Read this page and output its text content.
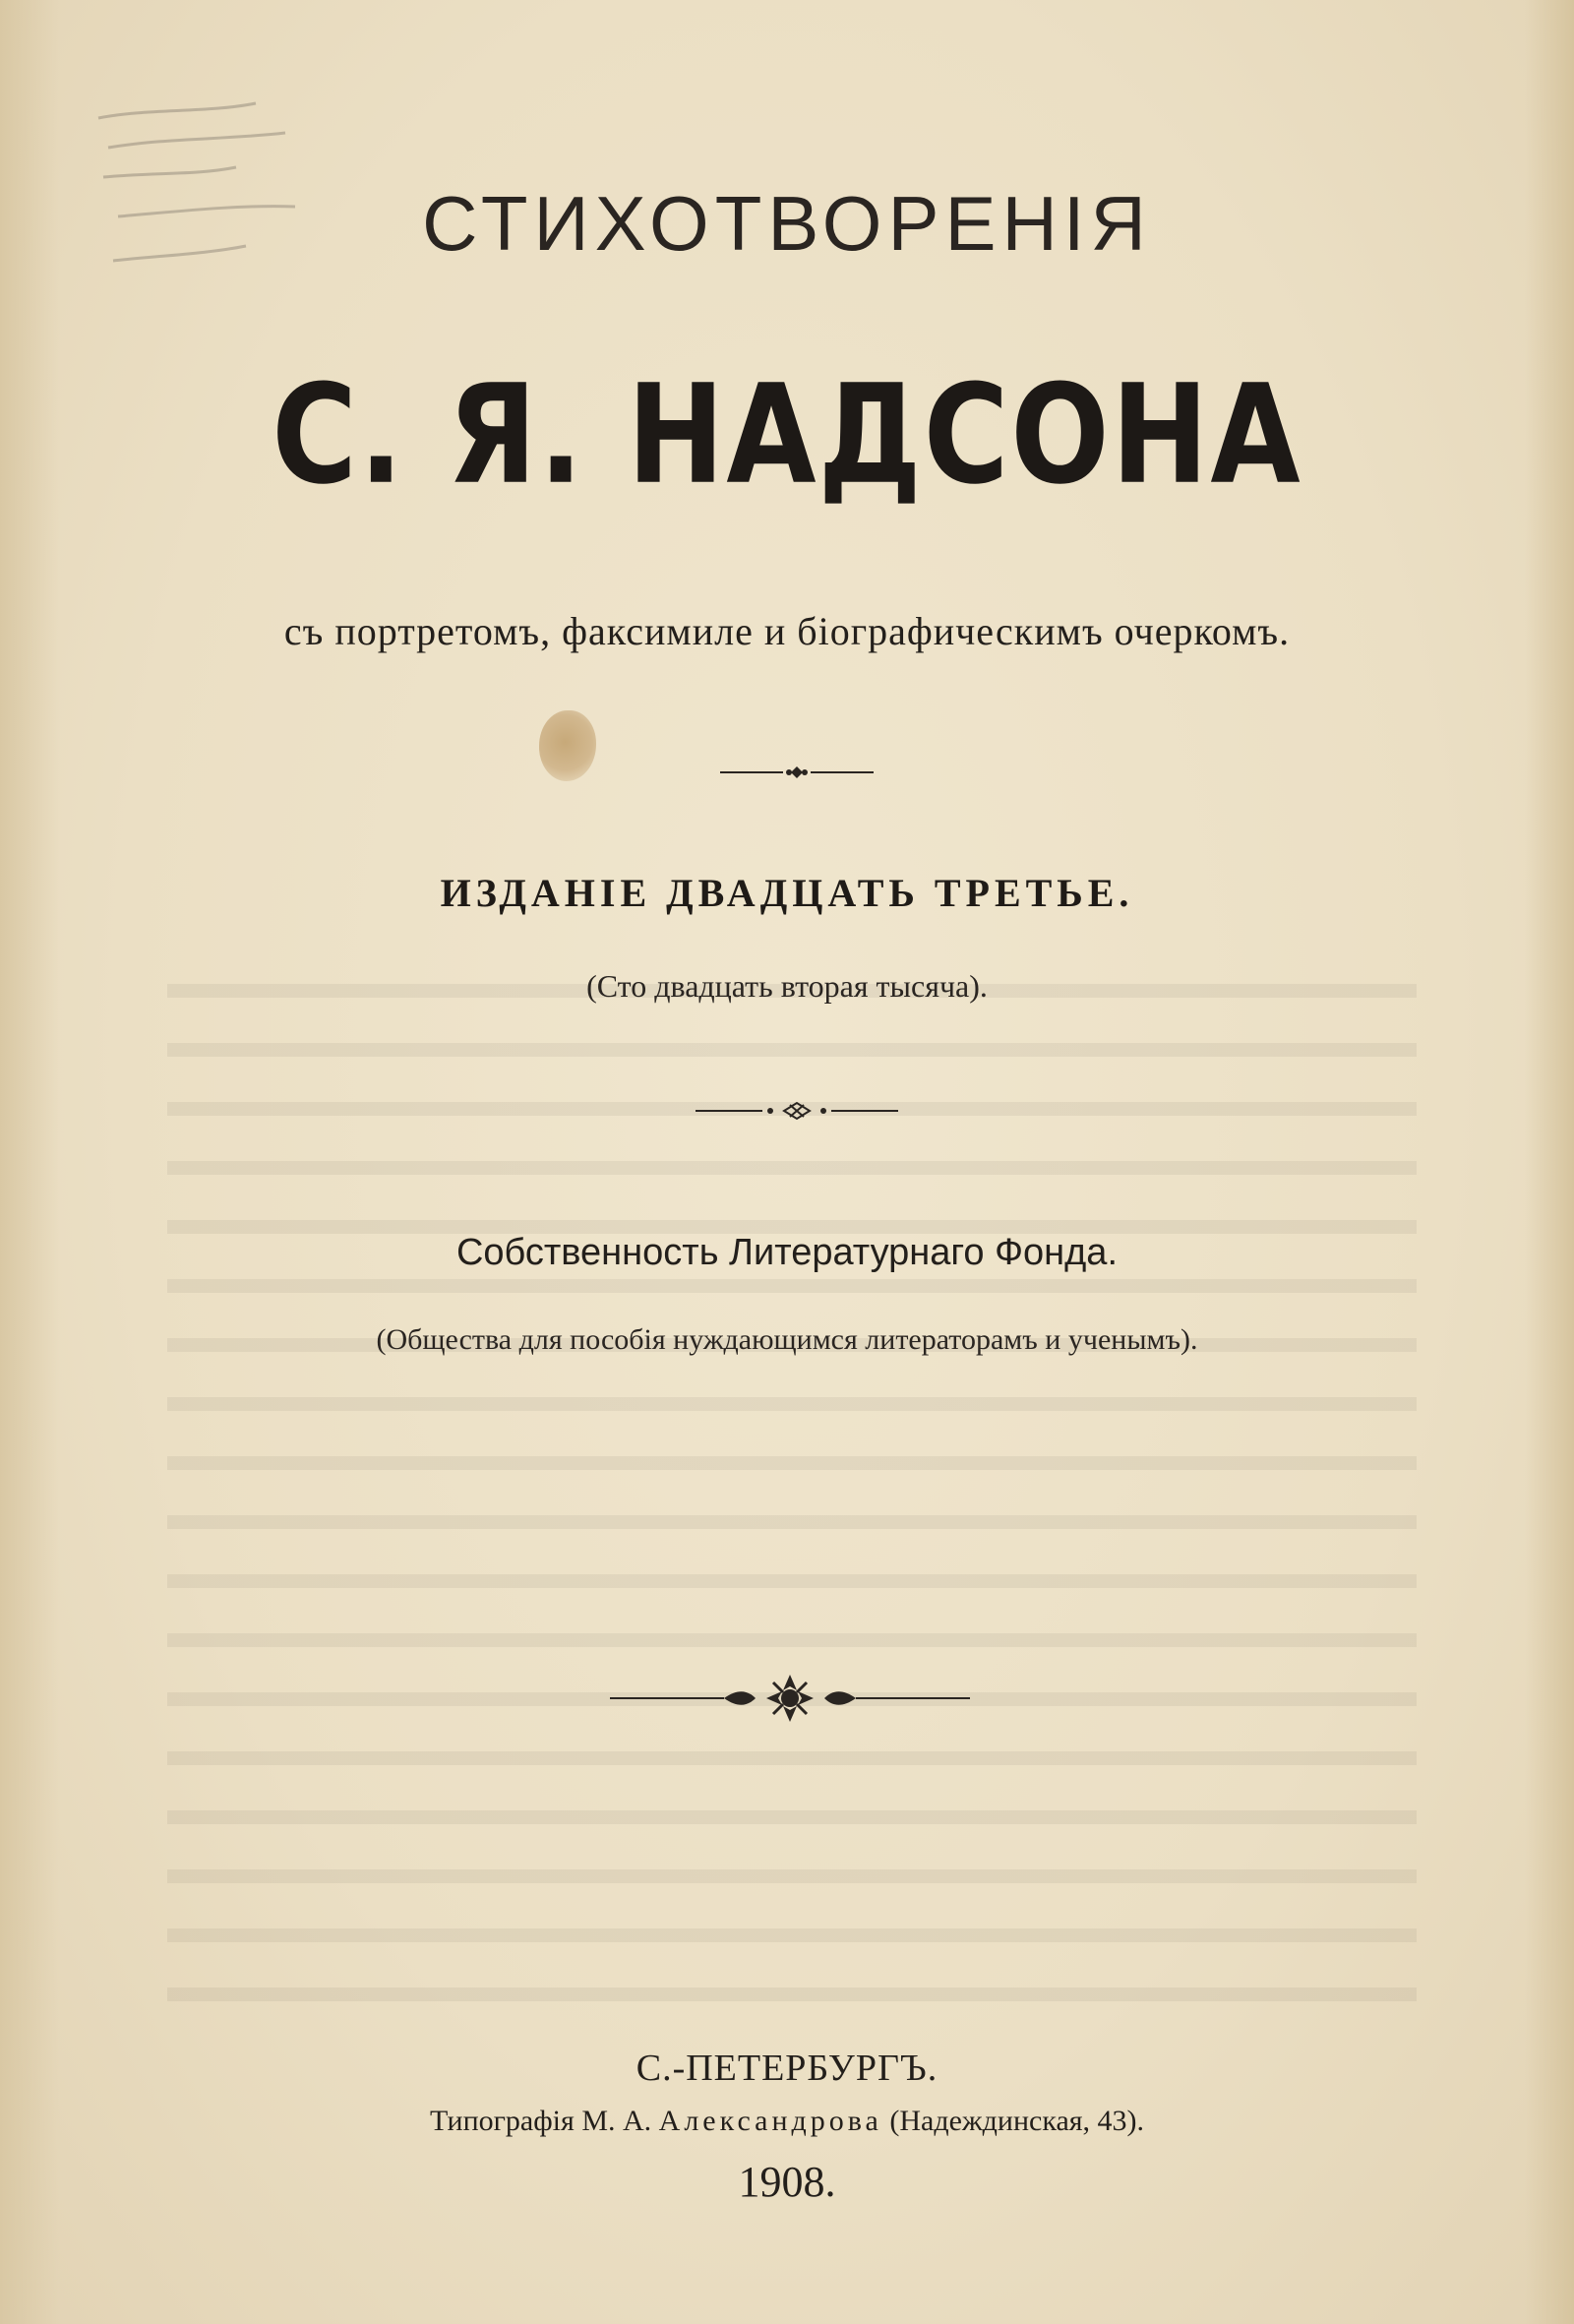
СТИХОТВОРЕНІЯ
С. Я. НАДСОНА
съ портретомъ, факсимиле и біографическимъ очеркомъ.
ИЗДАНІЕ ДВАДЦАТЬ ТРЕТЬЕ.
(Сто двадцать вторая тысяча).
Собственность Литературнаго Фонда.
(Общества для пособія нуждающимся литераторамъ и ученымъ).
С.-ПЕТЕРБУРГЪ.
Типографія М. А. Александрова (Надеждинская, 43).
1908.
